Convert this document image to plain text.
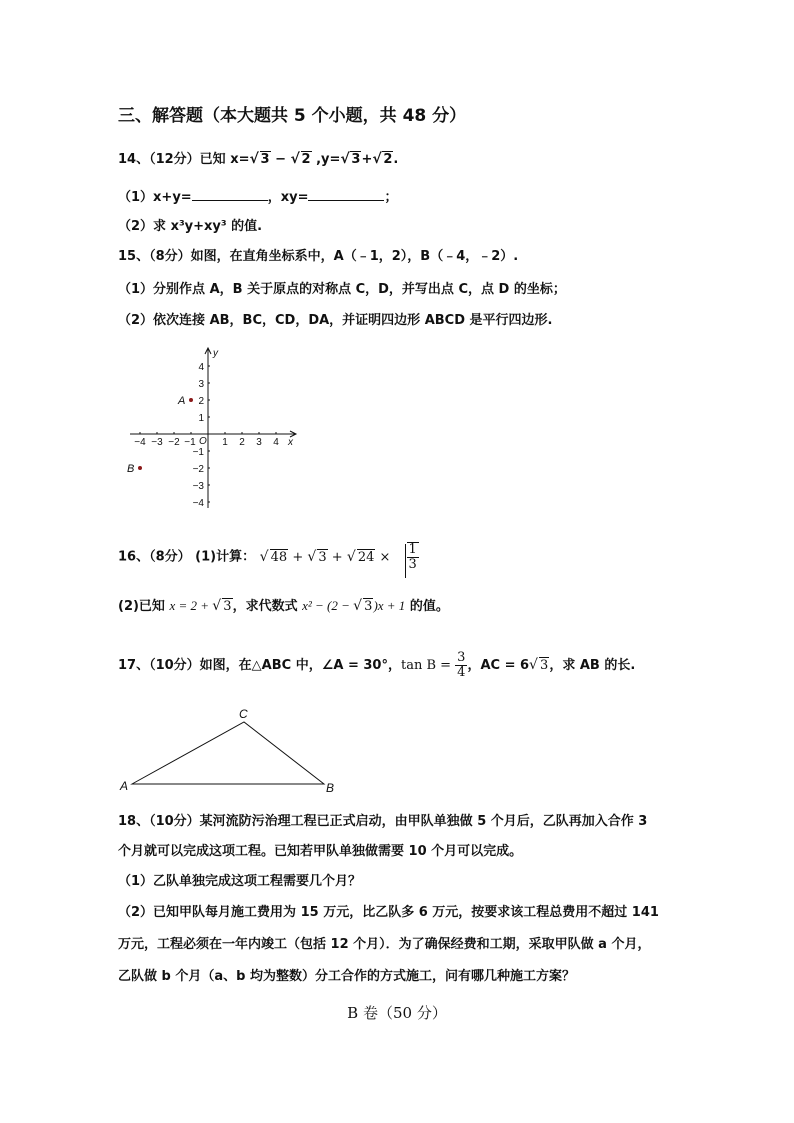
三、解答题（本大题共 5 个小题，共 48 分）
14、（12分）已知 x= √ 3 − √ 2 ,y= √ 3+ √ 2.
（1）x+y=	，xy=	；
（2）求 x³y+xy³ 的值.
15、（8分）如图，在直角坐标系中，A（﹣1，2），B（﹣4，﹣2）.
（1）分别作点 A，B 关于原点的对称点 C，D，并写出点 C，点 D 的坐标；
（2）依次连接 AB，BC，CD，DA，并证明四边形 ABCD 是平行四边形.
y
x
O
−4 −3 −2 −1	1 2 3 4
4
3
2
1
−1
−2
−3
−4
A
B
16、（8分） (1)计算： √ 48 + √ 3 + √ $24 \times \frac{1}{3}$
(2)已知 x = 2 + √ 3，求代数式 x² − (2 − √ 3)x + 1 的值。
17、（10分）如图，在△ABC 中，∠A = 30°，$\tan B = \frac{3}{4}$ ，AC = 6 √ 3，求 AB 的长.
C
A	B
18、（10分）某河流防污治理工程已正式启动，由甲队单独做 5 个月后，乙队再加入合作 3
个月就可以完成这项工程。已知若甲队单独做需要 10 个月可以完成。
（1）乙队单独完成这项工程需要几个月？
（2）已知甲队每月施工费用为 15 万元，比乙队多 6 万元，按要求该工程总费用不超过 141
万元，工程必须在一年内竣工（包括 12 个月）．为了确保经费和工期，采取甲队做 a 个月，
乙队做 b 个月（a、b 均为整数）分工合作的方式施工，问有哪几种施工方案？
B 卷（50 分）
